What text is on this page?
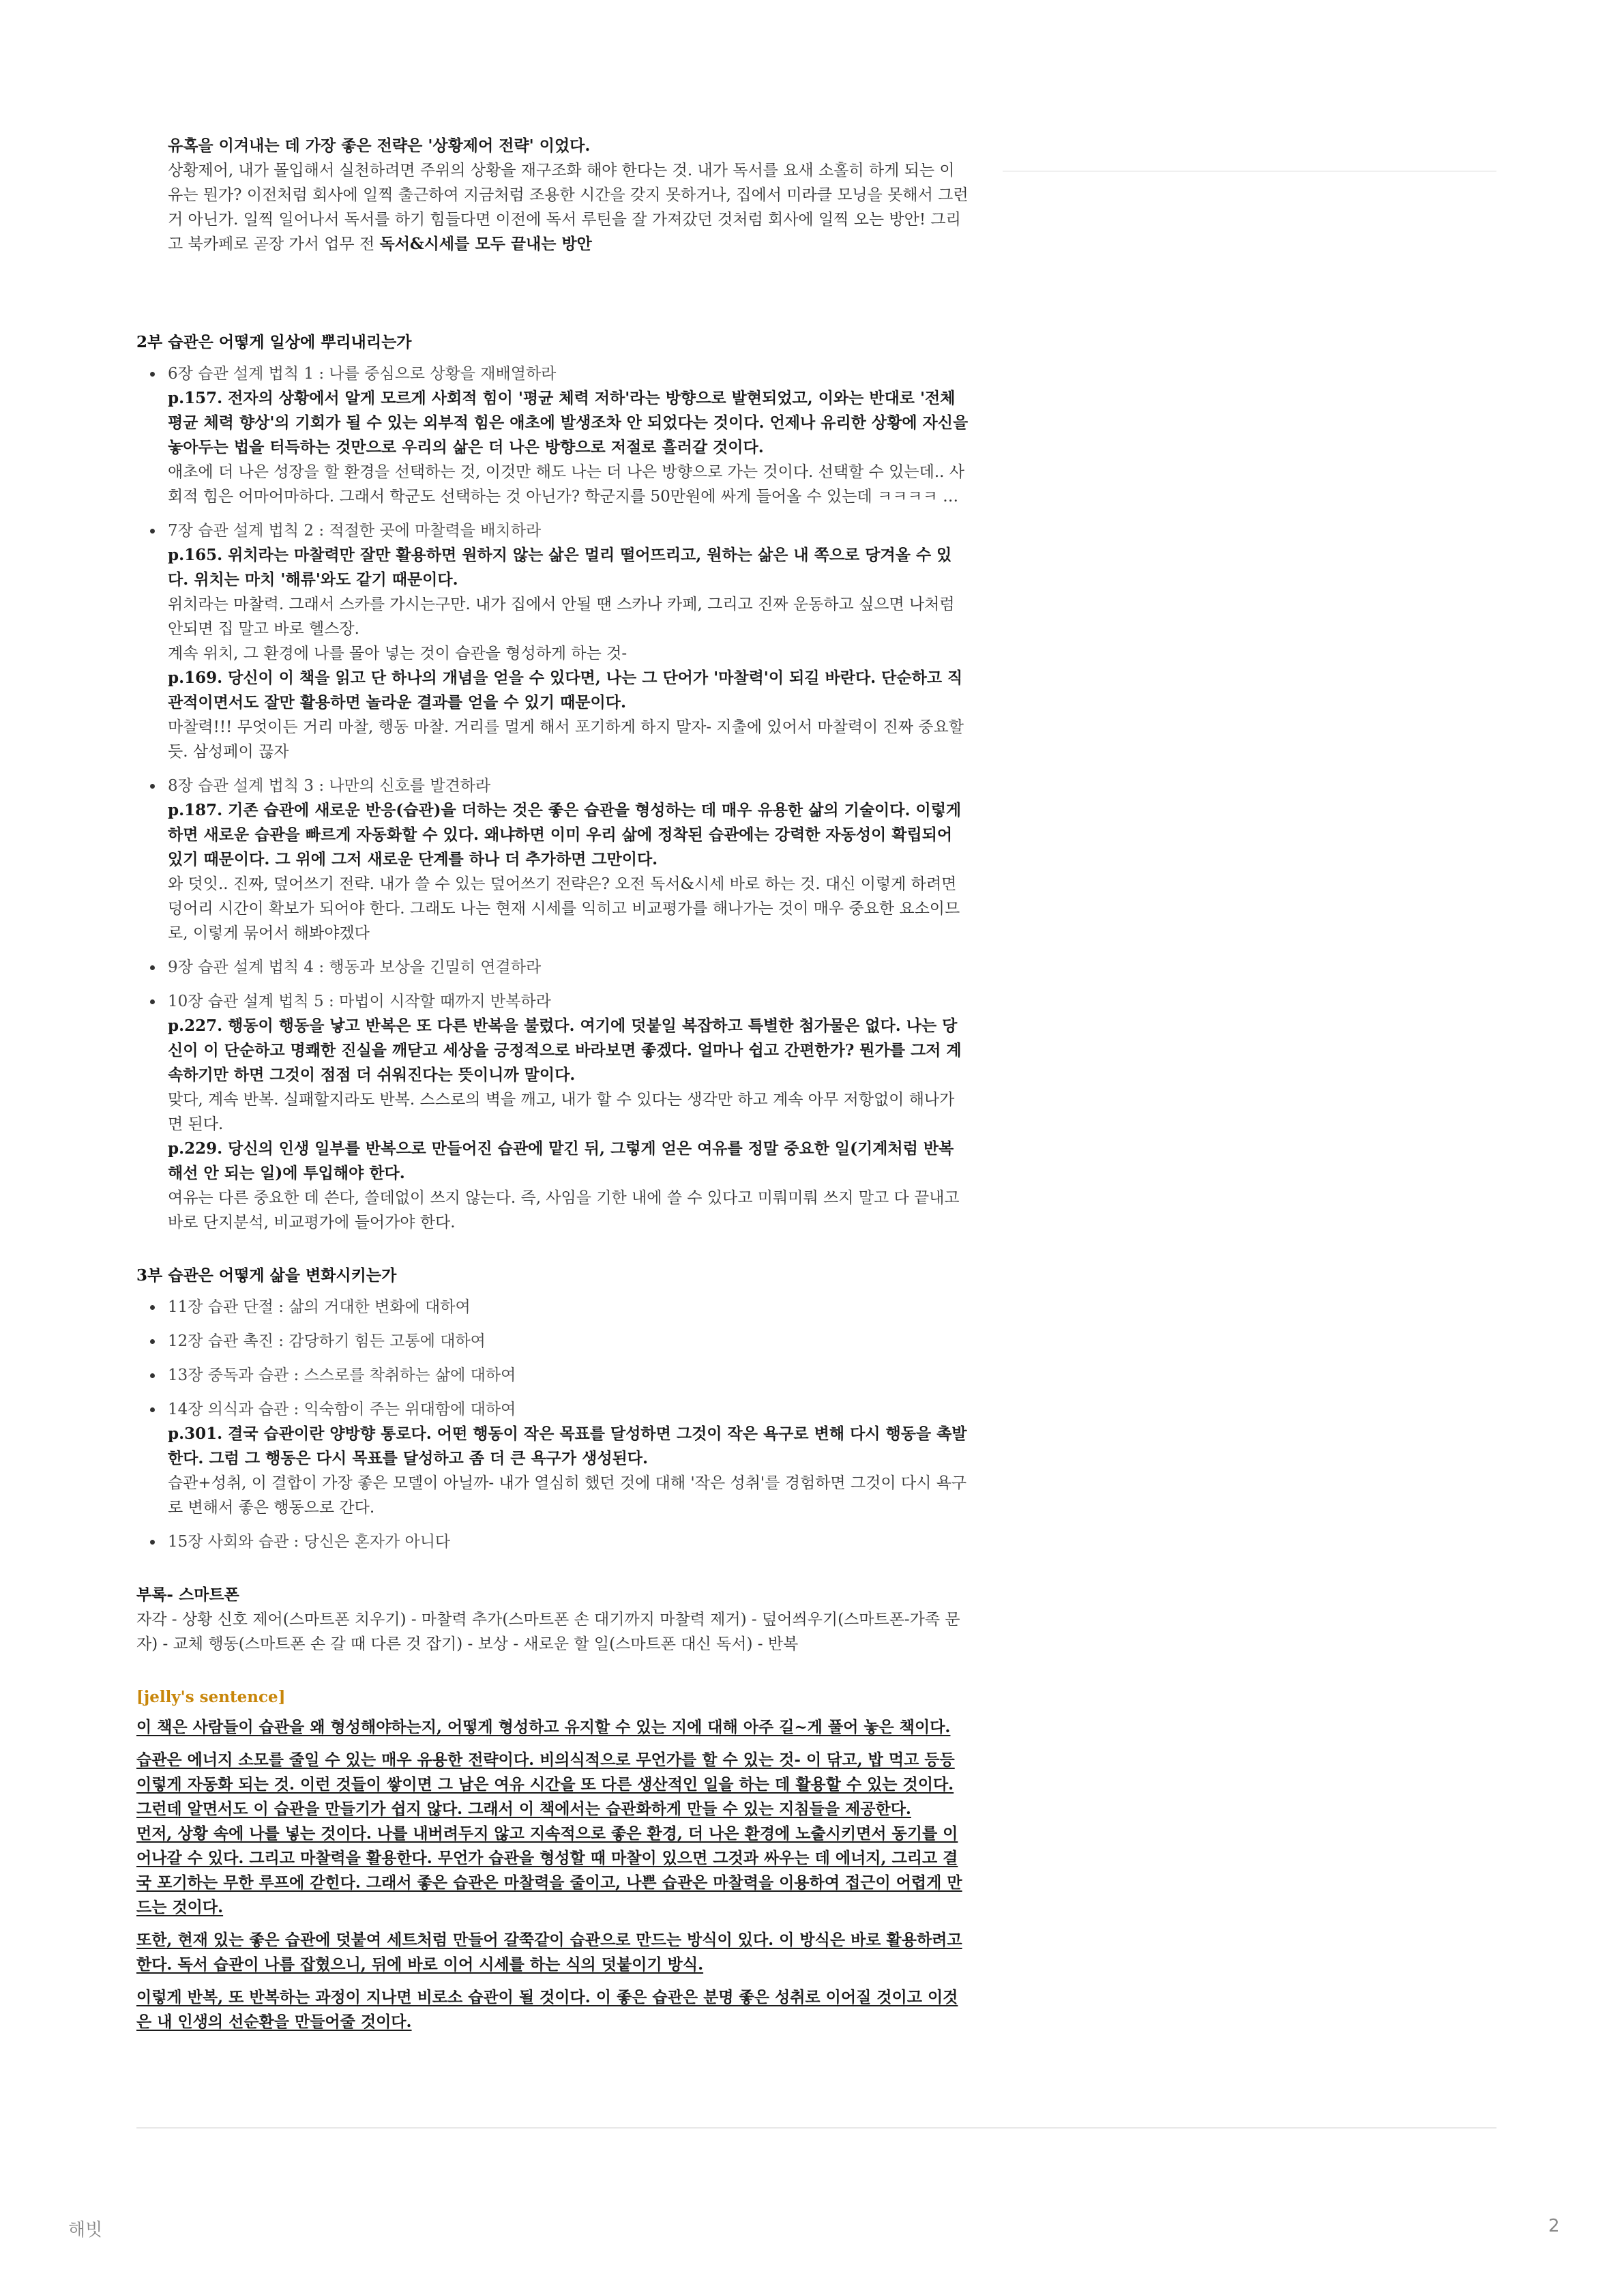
유혹을 이겨내는 데 가장 좋은 전략은 '상황제어 전략' 이었다.

상황제어, 내가 몰입해서 실천하려면 주위의 상황을 재구조화 해야 한다는 것. 내가 독서를 요새 소홀히 하게 되는 이유는 뭔가? 이전처럼 회사에 일찍 출근하여 지금처럼 조용한 시간을 갖지 못하거나, 집에서 미라클 모닝을 못해서 그런 거 아닌가. 일찍 일어나서 독서를 하기 힘들다면 이전에 독서 루틴을 잘 가져갔던 것처럼 회사에 일찍 오는 방안! 그리고 북카페로 곧장 가서 업무 전 독서&시세를 모두 끝내는 방안

2부 습관은 어떻게 일상에 뿌리내리는가

6장 습관 설계 법칙 1 : 나를 중심으로 상황을 재배열하라
p.157. 전자의 상황에서 알게 모르게 사회적 힘이 '평균 체력 저하'라는 방향으로 발현되었고, 이와는 반대로 '전체 평균 체력 향상'의 기회가 될 수 있는 외부적 힘은 애초에 발생조차 안 되었다는 것이다. 언제나 유리한 상황에 자신을 놓아두는 법을 터득하는 것만으로 우리의 삶은 더 나은 방향으로 저절로 흘러갈 것이다.
애초에 더 나은 성장을 할 환경을 선택하는 것, 이것만 해도 나는 더 나은 방향으로 가는 것이다. 선택할 수 있는데.. 사회적 힘은 어마어마하다. 그래서 학군도 선택하는 것 아닌가? 학군지를 50만원에 싸게 들어올 수 있는데 ㅋㅋㅋㅋ …
7장 습관 설계 법칙 2 : 적절한 곳에 마찰력을 배치하라
p.165. 위치라는 마찰력만 잘만 활용하면 원하지 않는 삶은 멀리 떨어뜨리고, 원하는 삶은 내 쪽으로 당겨올 수 있다. 위치는 마치 '해류'와도 같기 때문이다.
위치라는 마찰력. 그래서 스카를 가시는구만. 내가 집에서 안될 땐 스카나 카페, 그리고 진짜 운동하고 싶으면 나처럼 안되면 집 말고 바로 헬스장.
계속 위치, 그 환경에 나를 몰아 넣는 것이 습관을 형성하게 하는 것-
p.169. 당신이 이 책을 읽고 단 하나의 개념을 얻을 수 있다면, 나는 그 단어가 '마찰력'이 되길 바란다. 단순하고 직관적이면서도 잘만 활용하면 놀라운 결과를 얻을 수 있기 때문이다.
마찰력!!! 무엇이든 거리 마찰, 행동 마찰. 거리를 멀게 해서 포기하게 하지 말자- 지출에 있어서 마찰력이 진짜 중요할 듯. 삼성페이 끊자
8장 습관 설계 법칙 3 : 나만의 신호를 발견하라
p.187. 기존 습관에 새로운 반응(습관)을 더하는 것은 좋은 습관을 형성하는 데 매우 유용한 삶의 기술이다. 이렇게 하면 새로운 습관을 빠르게 자동화할 수 있다. 왜냐하면 이미 우리 삶에 정착된 습관에는 강력한 자동성이 확립되어 있기 때문이다. 그 위에 그저 새로운 단계를 하나 더 추가하면 그만이다.
와 덧잇.. 진짜, 덮어쓰기 전략. 내가 쓸 수 있는 덮어쓰기 전략은? 오전 독서&시세 바로 하는 것. 대신 이렇게 하려면 덩어리 시간이 확보가 되어야 한다. 그래도 나는 현재 시세를 익히고 비교평가를 해나가는 것이 매우 중요한 요소이므로, 이렇게 묶어서 해봐야겠다
9장 습관 설계 법칙 4 : 행동과 보상을 긴밀히 연결하라
10장 습관 설계 법칙 5 : 마법이 시작할 때까지 반복하라
p.227. 행동이 행동을 낳고 반복은 또 다른 반복을 불렀다. 여기에 덧붙일 복잡하고 특별한 첨가물은 없다. 나는 당신이 이 단순하고 명쾌한 진실을 깨닫고 세상을 긍정적으로 바라보면 좋겠다. 얼마나 쉽고 간편한가? 뭔가를 그저 계속하기만 하면 그것이 점점 더 쉬워진다는 뜻이니까 말이다.
맞다, 계속 반복. 실패할지라도 반복. 스스로의 벽을 깨고, 내가 할 수 있다는 생각만 하고 계속 아무 저항없이 해나가면 된다.
p.229. 당신의 인생 일부를 반복으로 만들어진 습관에 맡긴 뒤, 그렇게 얻은 여유를 정말 중요한 일(기계처럼 반복해선 안 되는 일)에 투입해야 한다.
여유는 다른 중요한 데 쓴다, 쓸데없이 쓰지 않는다. 즉, 사임을 기한 내에 쓸 수 있다고 미뤄미뤄 쓰지 말고 다 끝내고 바로 단지분석, 비교평가에 들어가야 한다.

3부 습관은 어떻게 삶을 변화시키는가

11장 습관 단절 : 삶의 거대한 변화에 대하여
12장 습관 촉진 : 감당하기 힘든 고통에 대하여
13장 중독과 습관 : 스스로를 착취하는 삶에 대하여
14장 의식과 습관 : 익숙함이 주는 위대함에 대하여
p.301. 결국 습관이란 양방향 통로다. 어떤 행동이 작은 목표를 달성하면 그것이 작은 욕구로 변해 다시 행동을 촉발한다. 그럼 그 행동은 다시 목표를 달성하고 좀 더 큰 욕구가 생성된다.
습관+성취, 이 결합이 가장 좋은 모델이 아닐까- 내가 열심히 했던 것에 대해 '작은 성취'를 경험하면 그것이 다시 욕구로 변해서 좋은 행동으로 간다.
15장 사회와 습관 : 당신은 혼자가 아니다

부록- 스마트폰

자각 - 상황 신호 제어(스마트폰 치우기) - 마찰력 추가(스마트폰 손 대기까지 마찰력 제거) - 덮어씌우기(스마트폰-가족 문자) - 교체 행동(스마트폰 손 갈 때 다른 것 잡기) - 보상 - 새로운 할 일(스마트폰 대신 독서) - 반복

[jelly's sentence]

이 책은 사람들이 습관을 왜 형성해야하는지, 어떻게 형성하고 유지할 수 있는 지에 대해 아주 길~게 풀어 놓은 책이다.

습관은 에너지 소모를 줄일 수 있는 매우 유용한 전략이다. 비의식적으로 무언가를 할 수 있는 것- 이 닦고, 밥 먹고 등등 이렇게 자동화 되는 것. 이런 것들이 쌓이면 그 남은 여유 시간을 또 다른 생산적인 일을 하는 데 활용할 수 있는 것이다. 그런데 알면서도 이 습관을 만들기가 쉽지 않다. 그래서 이 책에서는 습관화하게 만들 수 있는 지침들을 제공한다.
먼저, 상황 속에 나를 넣는 것이다. 나를 내버려두지 않고 지속적으로 좋은 환경, 더 나은 환경에 노출시키면서 동기를 이어나갈 수 있다. 그리고 마찰력을 활용한다. 무언가 습관을 형성할 때 마찰이 있으면 그것과 싸우는 데 에너지, 그리고 결국 포기하는 무한 루프에 갇힌다. 그래서 좋은 습관은 마찰력을 줄이고, 나쁜 습관은 마찰력을 이용하여 접근이 어렵게 만드는 것이다.

또한, 현재 있는 좋은 습관에 덧붙여 세트처럼 만들어 갈쭉같이 습관으로 만드는 방식이 있다. 이 방식은 바로 활용하려고 한다. 독서 습관이 나름 잡혔으니, 뒤에 바로 이어 시세를 하는 식의 덧붙이기 방식.

이렇게 반복, 또 반복하는 과정이 지나면 비로소 습관이 될 것이다. 이 좋은 습관은 분명 좋은 성취로 이어질 것이고 이것은 내 인생의 선순환을 만들어줄 것이다.

해빗	2
